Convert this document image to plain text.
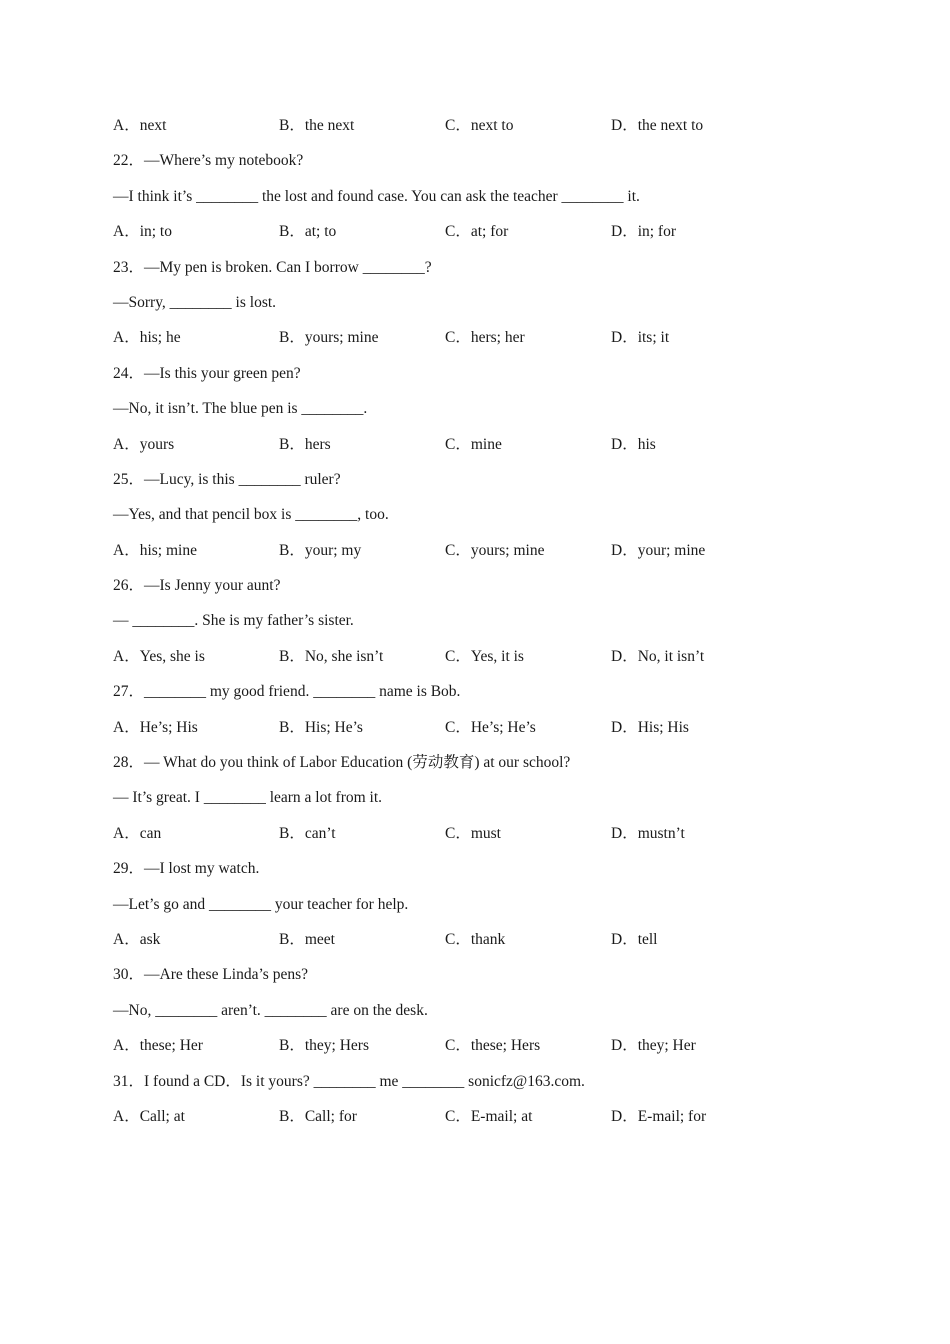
A．next	B．the next	C．next to	D．the next to
22．—Where’s my notebook?
—I think it’s ________ the lost and found case. You can ask the teacher ________ it.
A．in; to	B．at; to	C．at; for	D．in; for
23．—My pen is broken. Can I borrow ________?
—Sorry, ________ is lost.
A．his; he	B．yours; mine	C．hers; her	D．its; it
24．—Is this your green pen?
—No, it isn’t. The blue pen is ________.
A．yours	B．hers	C．mine	D．his
25．—Lucy, is this ________ ruler?
—Yes, and that pencil box is ________, too.
A．his; mine	B．your; my	C．yours; mine	D．your; mine
26．—Is Jenny your aunt?
— ________. She is my father’s sister.
A．Yes, she is	B．No, she isn’t	C．Yes, it is	D．No, it isn’t
27．________ my good friend. ________ name is Bob.
A．He’s; His	B．His; He’s	C．He’s; He’s	D．His; His
28．— What do you think of Labor Education (劳动教育) at our school?
— It’s great. I ________ learn a lot from it.
A．can	B．can’t	C．must	D．mustn’t
29．—I lost my watch.
—Let’s go and ________ your teacher for help.
A．ask	B．meet	C．thank	D．tell
30．—Are these Linda’s pens?
—No, ________ aren’t. ________ are on the desk.
A．these; Her	B．they; Hers	C．these; Hers	D．they; Her
31．I found a CD．Is it yours? ________ me ________ sonicfz@163.com.
A．Call; at	B．Call; for	C．E-mail; at	D．E-mail; for
